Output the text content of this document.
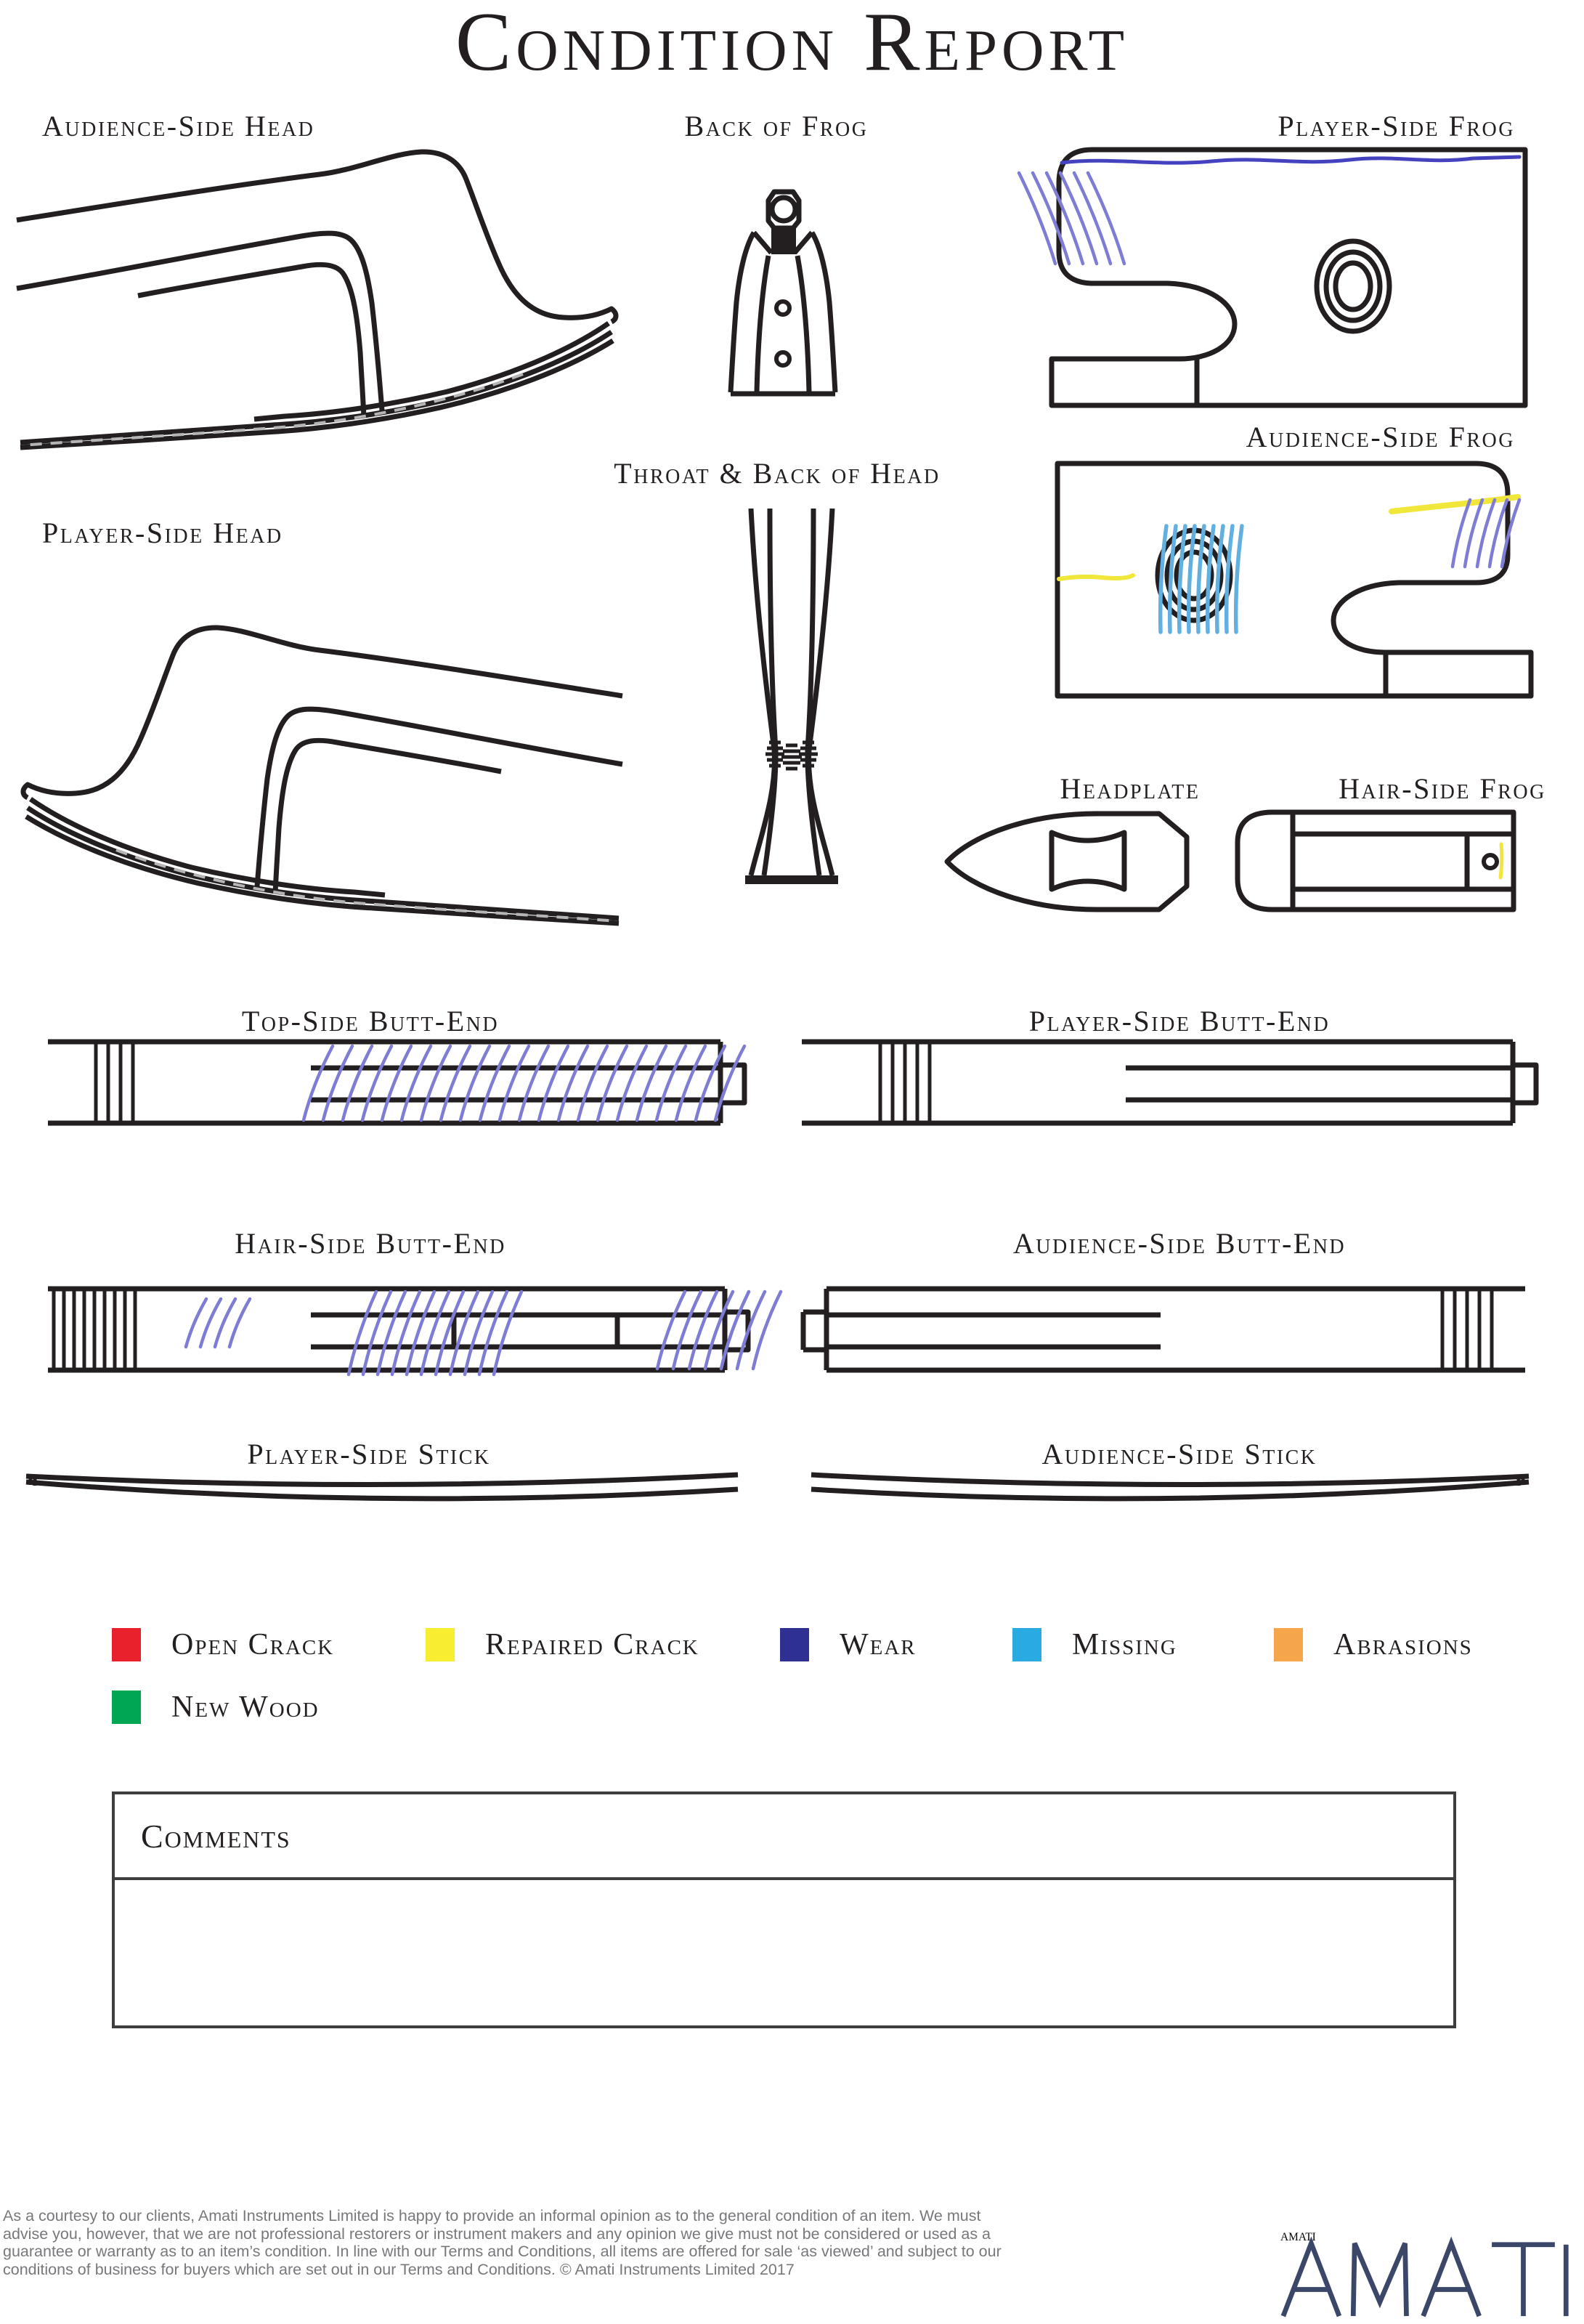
Condition Report
Audience-Side Head	Back of Frog	Player-Side Frog
Audience-Side Frog
Throat & Back of Head
Player-Side Head
Headplate	Hair-Side Frog
Top-Side Butt-End	Player-Side Butt-End
Hair-Side Butt-End	Audience-Side Butt-End
Player-Side Stick	Audience-Side Stick
Open Crack	Repaired Crack	Wear	Missing	Abrasions
New Wood
Comments
As a courtesy to our clients, Amati Instruments Limited is happy to provide an informal opinion as to the general condition of an item. We must advise you, however, that we are not professional restorers or instrument makers and any opinion we give must not be considered or used as a guarantee or warranty as to an item’s condition. In line with our Terms and Conditions, all items are offered for sale ‘as viewed’ and subject to our conditions of business for buyers which are set out in our Terms and Conditions. © Amati Instruments Limited 2017
AMATI
